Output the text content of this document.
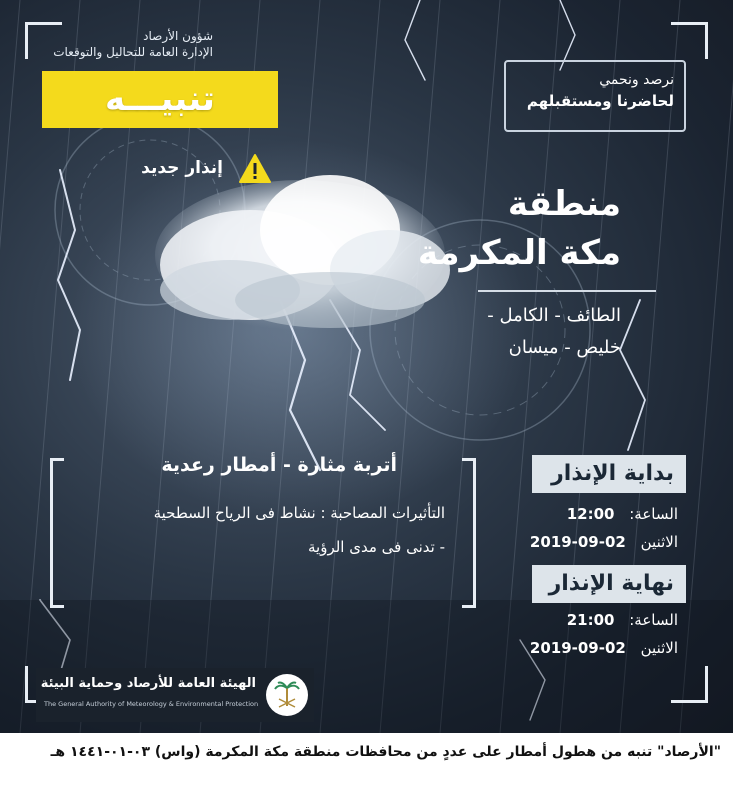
شؤون الأرصاد
الإدارة العامة للتحاليل والتوقعات
تنبيـــه
إنذار جديد
نرصد ونحمي
لحاضرنا ومستقبلهم
منطقة
مكة المكرمة
الطائف - الكامل -
خليص - ميسان
أتربة مثارة - أمطار رعدية
التأثيرات المصاحبة : نشاط فى الرياح السطحية
- تدنى فى مدى الرؤية
بداية الإنذار
الساعة: 12:00
الاثنين 2019-09-02
نهاية الإنذار
الساعة: 21:00
الاثنين 2019-09-02
الهيئة العامة للأرصاد وحماية البيئة
The General Authority of Meteorology & Environmental Protection
"الأرصاد" تنبه من هطول أمطار على عددٍ من محافظات منطقة مكة المكرمة (واس) ٠٣-٠١-١٤٤١ هـ
